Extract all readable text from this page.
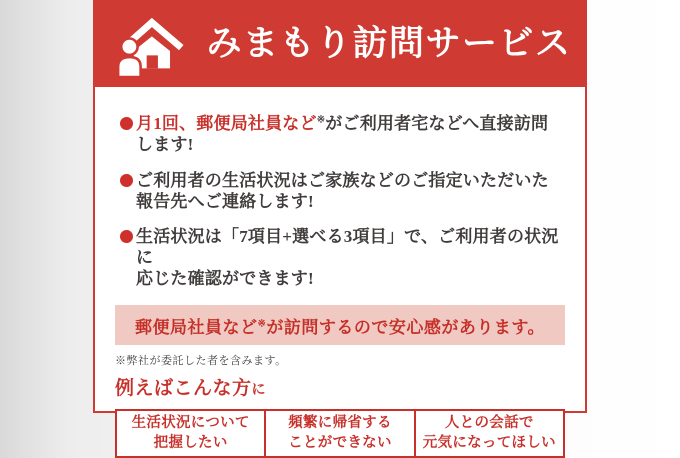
みまもり訪問サービス

月1回、郵便局社員など※がご利用者宅などへ直接訪問します!

ご利用者の生活状況はご家族などのご指定いただいた
報告先へご連絡します!

生活状況は「7項目+選べる3項目」で、ご利用者の状況に
応じた確認ができます!

郵便局社員など※が訪問するので安心感があります。

※弊社が委託した者を含みます。

例えばこんな方に

生活状況について
把握したい
頻繁に帰省する
ことができない
人との会話で
元気になってほしい
